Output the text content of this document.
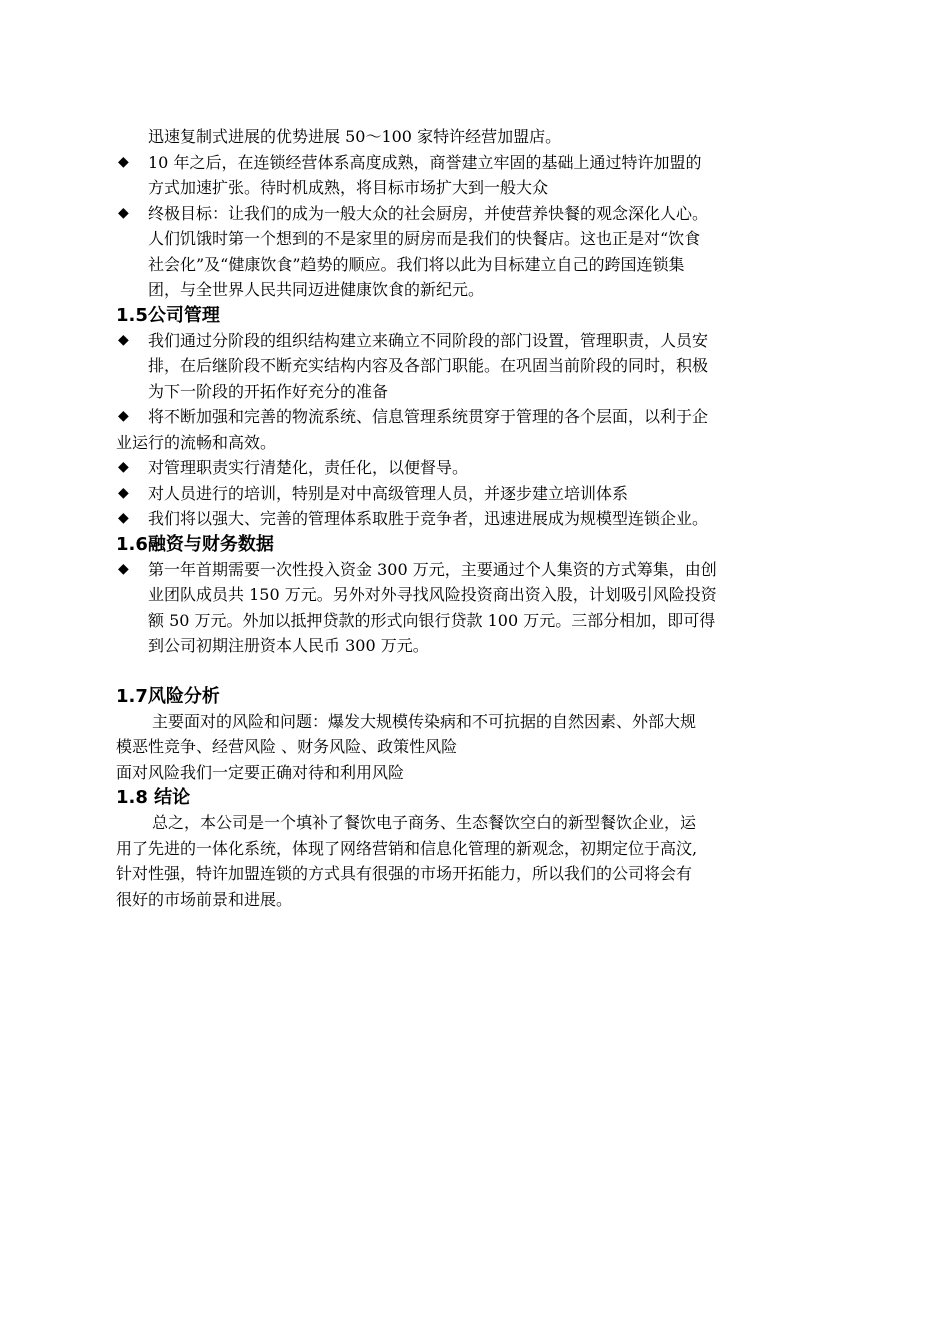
迅速复制式进展的优势进展 50～100 家特许经营加盟店。
◆ 10 年之后，在连锁经营体系高度成熟，商誉建立牢固的基础上通过特许加盟的
方式加速扩张。待时机成熟，将目标市场扩大到一般大众
◆ 终极目标：让我们的成为一般大众的社会厨房，并使营养快餐的观念深化人心。
人们饥饿时第一个想到的不是家里的厨房而是我们的快餐店。这也正是对“饮食
社会化”及“健康饮食”趋势的顺应。我们将以此为目标建立自己的跨国连锁集
团，与全世界人民共同迈进健康饮食的新纪元。
1.5公司管理
◆ 我们通过分阶段的组织结构建立来确立不同阶段的部门设置，管理职责，人员安
排，在后继阶段不断充实结构内容及各部门职能。在巩固当前阶段的同时，积极
为下一阶段的开拓作好充分的准备
◆ 将不断加强和完善的物流系统、信息管理系统贯穿于管理的各个层面，以利于企
业运行的流畅和高效。
◆ 对管理职责实行清楚化，责任化，以便督导。
◆ 对人员进行的培训，特别是对中高级管理人员，并逐步建立培训体系
◆ 我们将以强大、完善的管理体系取胜于竞争者，迅速进展成为规模型连锁企业。
1.6融资与财务数据
◆ 第一年首期需要一次性投入资金 300 万元，主要通过个人集资的方式筹集，由创
业团队成员共 150 万元。另外对外寻找风险投资商出资入股，计划吸引风险投资
额 50 万元。外加以抵押贷款的形式向银行贷款 100 万元。三部分相加，即可得
到公司初期注册资本人民币 300 万元。
1.7风险分析
主要面对的风险和问题：爆发大规模传染病和不可抗据的自然因素、外部大规
模恶性竞争、经营风险 、财务风险、政策性风险
面对风险我们一定要正确对待和利用风险
1.8 结论
总之，本公司是一个填补了餐饮电子商务、生态餐饮空白的新型餐饮企业，运
用了先进的一体化系统，体现了网络营销和信息化管理的新观念，初期定位于高汶,
针对性强，特许加盟连锁的方式具有很强的市场开拓能力，所以我们的公司将会有
很好的市场前景和进展。
